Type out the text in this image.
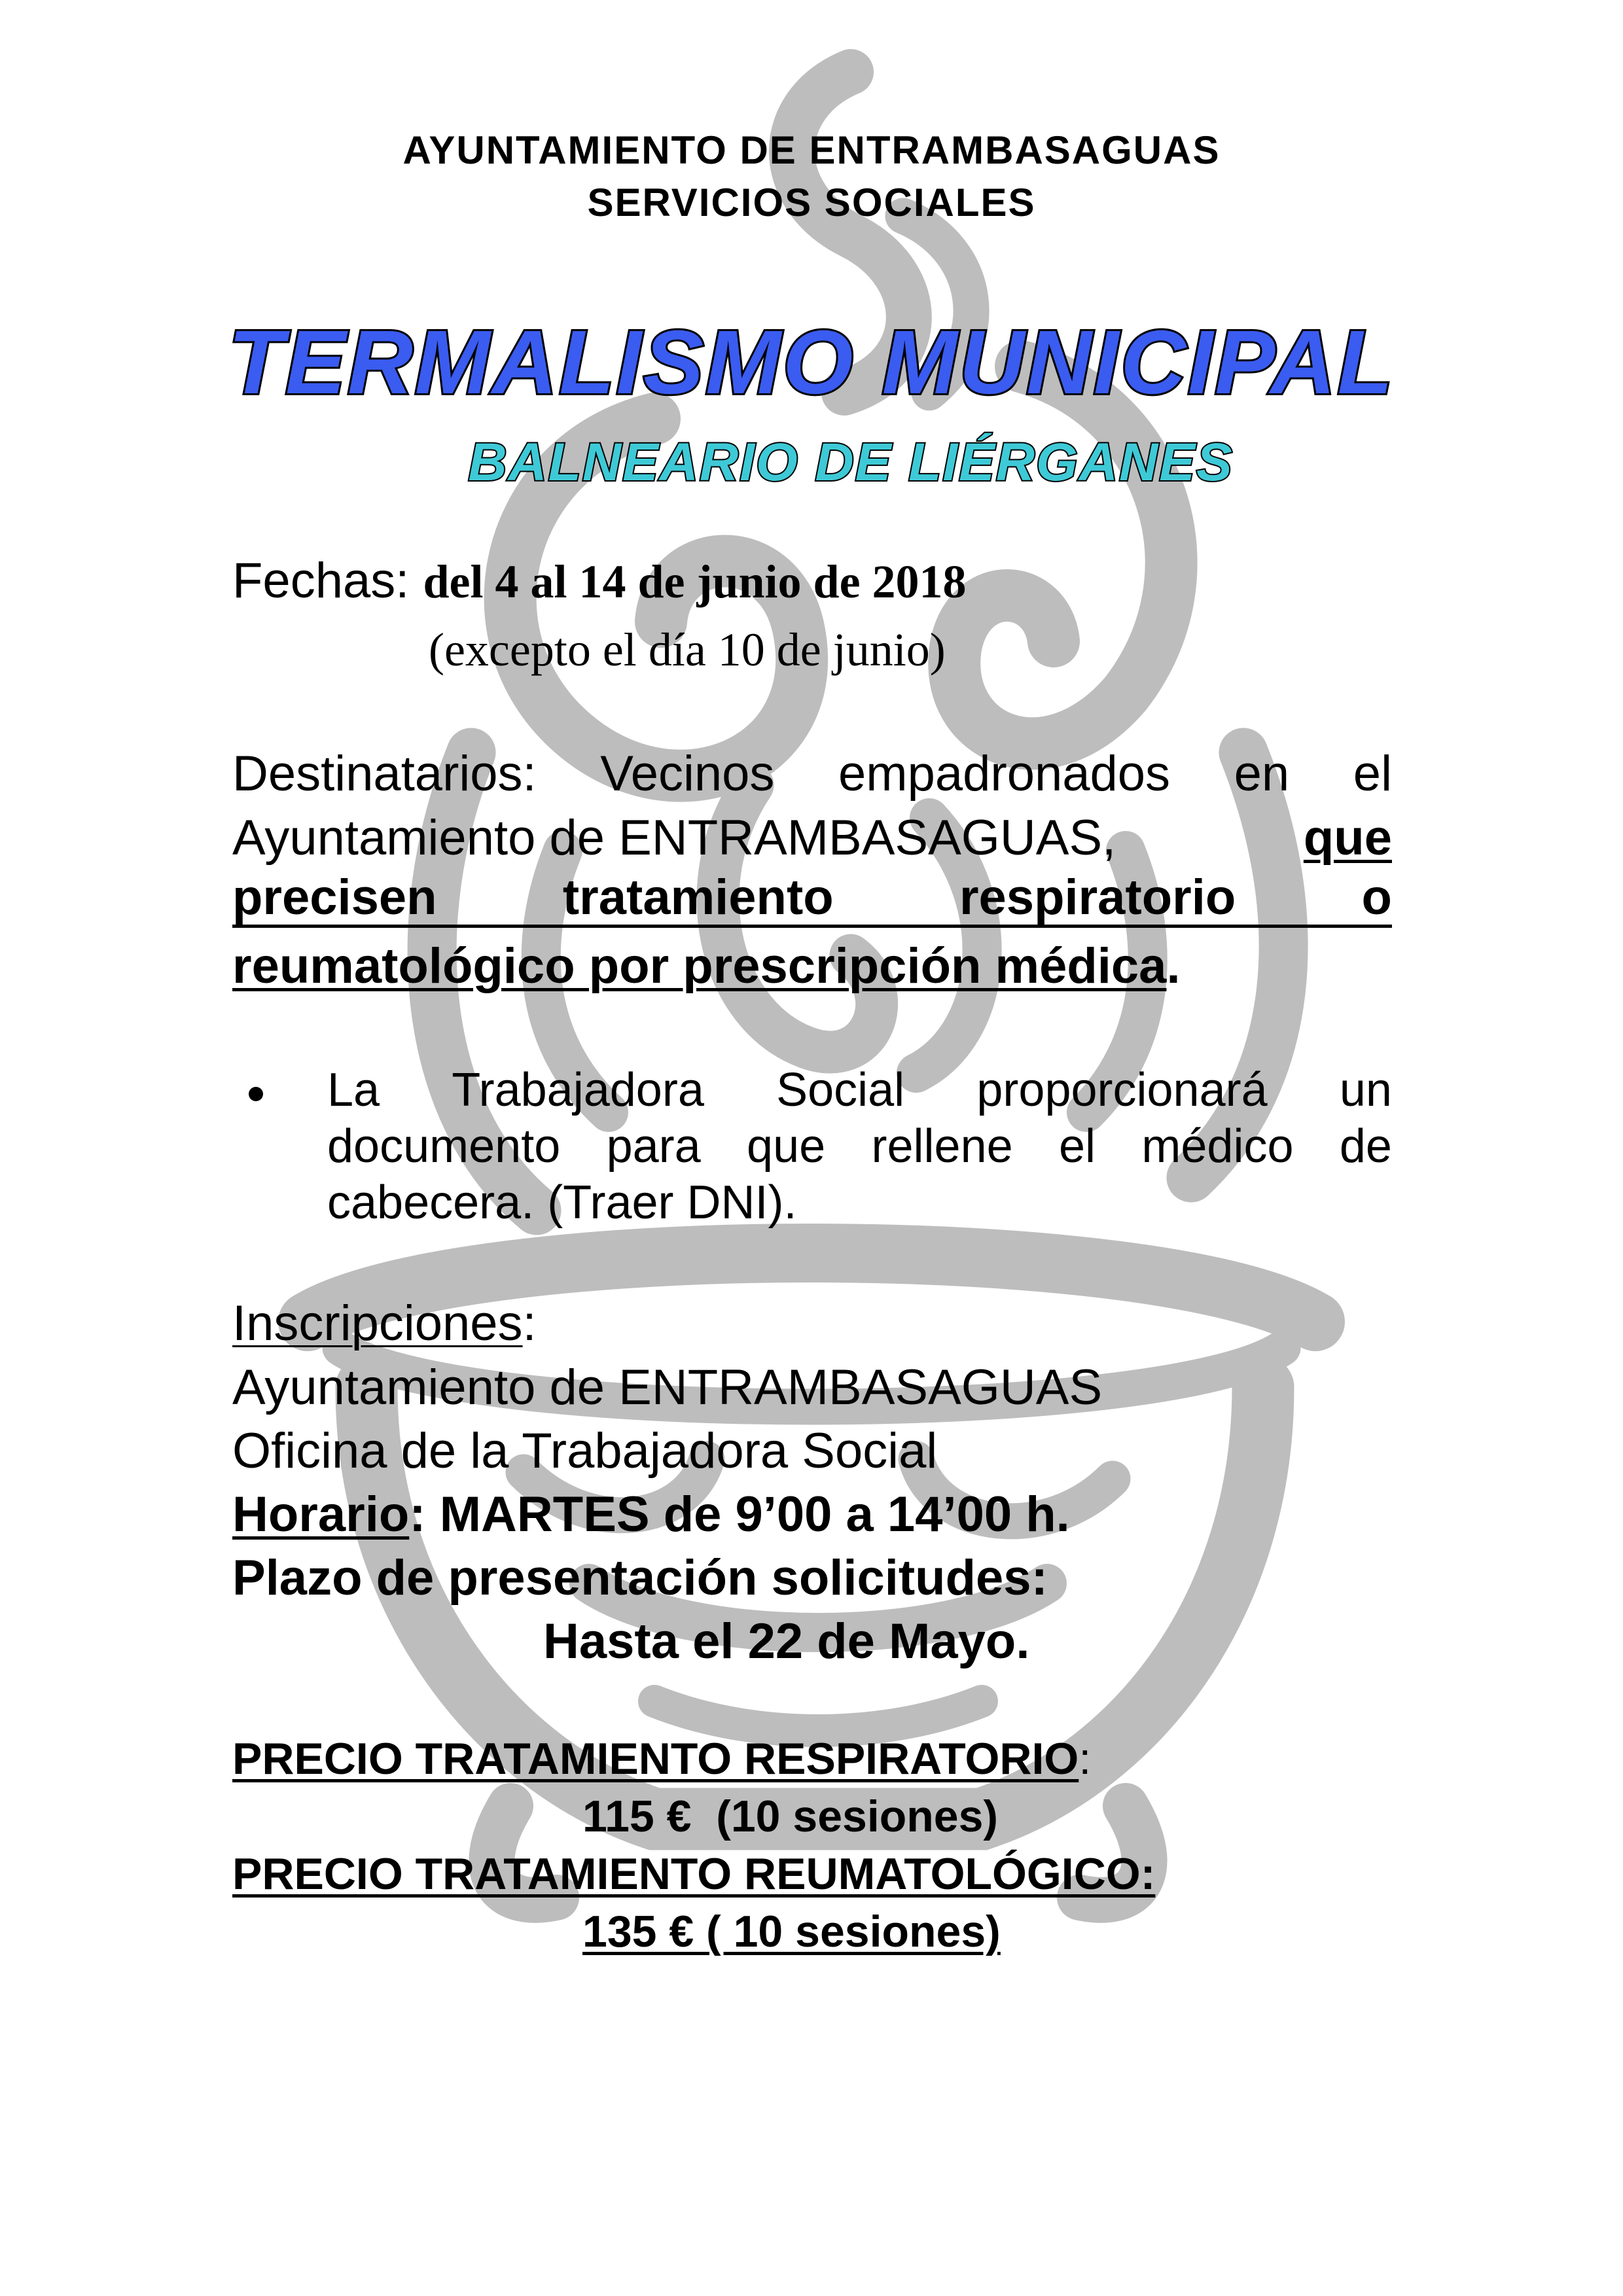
AYUNTAMIENTO DE ENTRAMBASAGUAS
SERVICIOS SOCIALES
TERMALISMO MUNICIPAL
BALNEARIO DE LIÉRGANES
Fechas: del 4 al 14 de junio de 2018
(excepto el día 10 de junio)
Destinatarios: Vecinos empadronados en el
Ayuntamiento de ENTRAMBASAGUAS,	que
precisen	tratamiento	respiratorio	o
reumatológico por prescripción médica.
La Trabajadora Social proporcionará un
documento para que rellene el médico de
cabecera. (Traer DNI).
Inscripciones:
Ayuntamiento de ENTRAMBASAGUAS
Oficina de la Trabajadora Social
Horario: MARTES de 9’00 a 14’00 h.
Plazo de presentación solicitudes:
Hasta el 22 de Mayo.
PRECIO TRATAMIENTO RESPIRATORIO:
115 €  (10 sesiones)
PRECIO TRATAMIENTO REUMATOLÓGICO:
135 € ( 10 sesiones)
